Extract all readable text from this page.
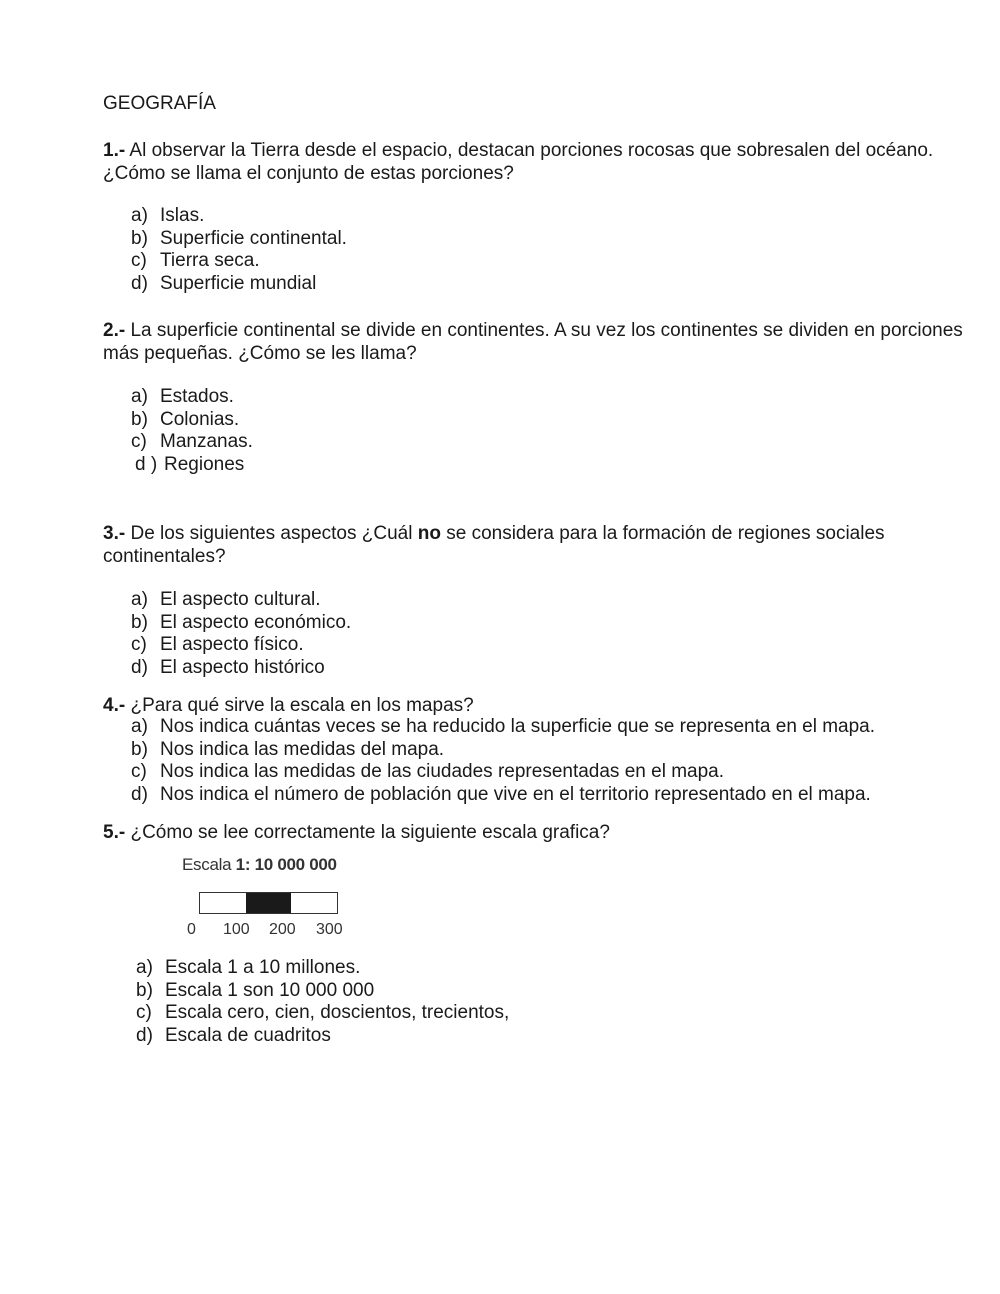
GEOGRAFÍA
1.- Al observar la Tierra desde el espacio, destacan porciones rocosas que sobresalen del océano. ¿Cómo se llama el conjunto de estas porciones?
a) Islas.
b) Superficie continental.
c) Tierra seca.
d) Superficie mundial
2.- La superficie continental se divide en continentes. A su vez los continentes se dividen en porciones más pequeñas. ¿Cómo se les llama?
a) Estados.
b) Colonias.
c) Manzanas.
d ) Regiones
3.- De los siguientes aspectos ¿Cuál no se considera para la formación de regiones sociales continentales?
a) El aspecto cultural.
b) El aspecto económico.
c) El aspecto físico.
d) El aspecto histórico
4.- ¿Para qué sirve la escala en los mapas?
a) Nos indica cuántas veces se ha reducido la superficie que se representa en el mapa.
b) Nos indica las medidas del mapa.
c) Nos indica las medidas de las ciudades representadas en el mapa.
d) Nos indica el número de población que vive en el territorio representado en el mapa.
5.- ¿Cómo se lee correctamente la siguiente escala grafica?
Escala 1: 10 000 000
0 100 200 300
a) Escala 1 a 10 millones.
b) Escala 1 son 10 000 000
c) Escala cero, cien, doscientos, trecientos,
d) Escala de cuadritos
